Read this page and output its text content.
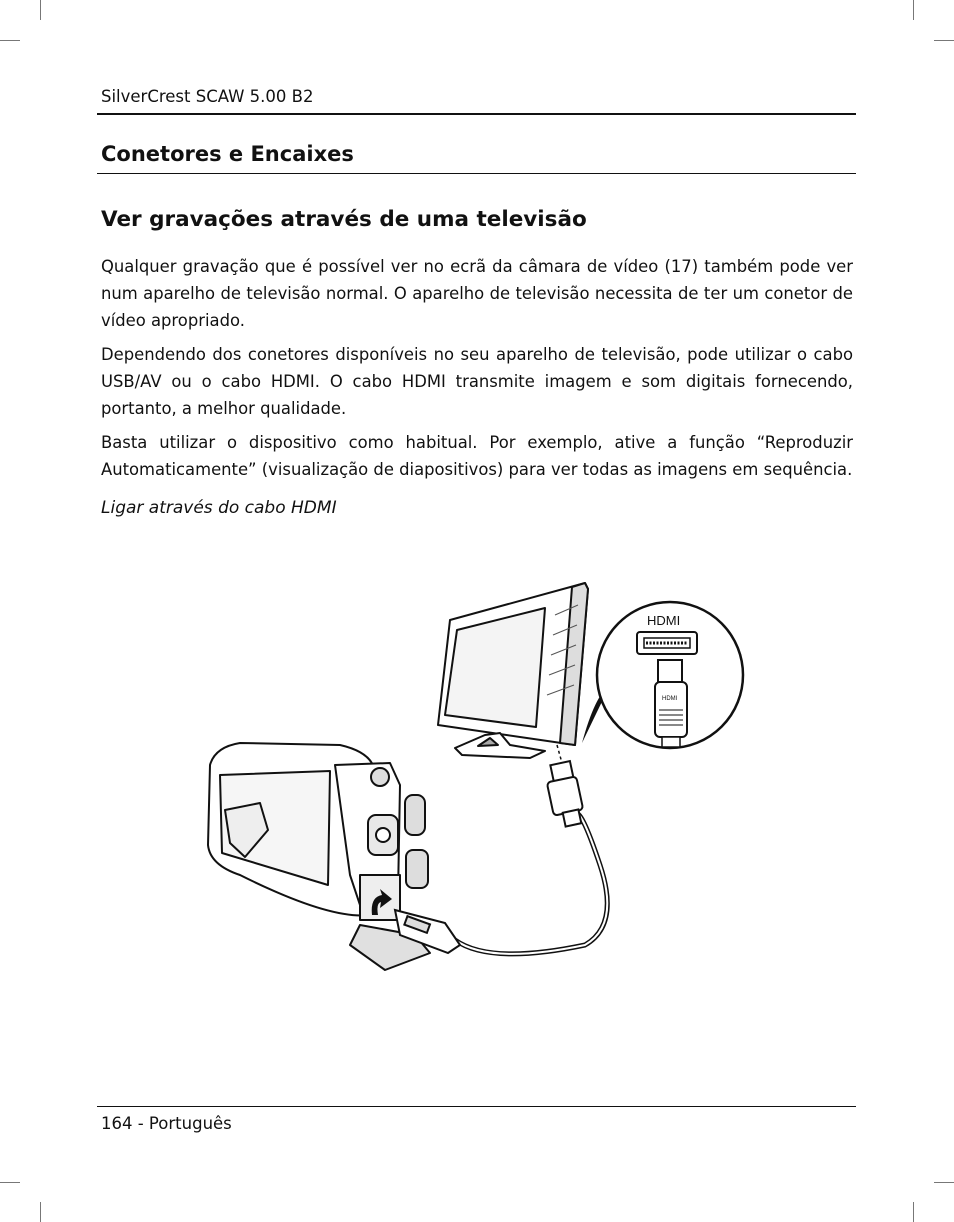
SilverCrest SCAW 5.00 B2
Conetores e Encaixes
Ver gravações através de uma televisão

Qualquer gravação que é possível ver no ecrã da câmara de vídeo (17) também pode ver num aparelho de televisão normal. O aparelho de televisão necessita de ter um conetor de vídeo apropriado.

Dependendo dos conetores disponíveis no seu aparelho de televisão, pode utilizar o cabo USB/AV ou o cabo HDMI. O cabo HDMI transmite imagem e som digitais fornecendo, portanto, a melhor qualidade.

Basta utilizar o dispositivo como habitual. Por exemplo, ative a função “Reproduzir Automaticamente” (visualização de diapositivos) para ver todas as imagens em sequência.

Ligar através do cabo HDMI
HDMI
HDMI
164 - Português
